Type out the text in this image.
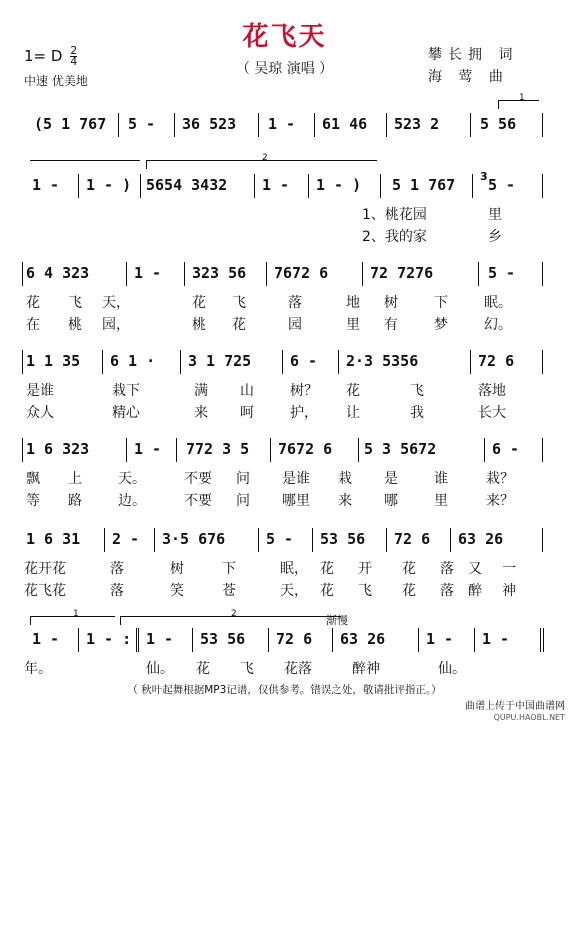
花飞天
（ 吴琼 演唱 ）
1= D $\frac{2}{4}$
中速 优美地
攀长拥 词
海 莺 曲
1

(5 1 767

5 -

36 523

1 -

61 46

523 2

	5 56

2

1 -

1 - )

5654 3432

1 -

1 - )

5 1 767

3

5 -

1、桃花园	里
2、我的家	乡

6 4 323

	1 -

323 56

7672 6

	72 7276

	5 -

花 飞 天，	花 飞	落	地 树	下	眠。
在 桃 园，	桃 花	园	里 有	梦	幻。

1 1 35

6 1 ·

3 1 725

	6 -

2·3 5356

	72 6

是谁	栽下	满 山	树？ 花	飞	落地
众人	精心	来 呵	护， 让	我	长大

1 6 323

	1 -

772 3 5

7672 6

5 3 5672

	6 -

飘 上	天。	不要 问 是谁 栽 是	谁	栽？
等 路	边。	不要 问 哪里 来 哪	里	来？

1 6 31

2 -

3·5 676

	5 -

53 56

72 6

63 26

花开花	落	树	下	眠， 花 开 花 落 又 一
花飞花	落	笑	苍	天， 花 飞 花 落 醉 神
1	2	渐慢

1 -

1 - :

1 -

53 56

72 6

63 26

	1 -

1 -

年。	仙。 花 飞 花落	醉神	仙。
（ 秋叶起舞根据MP3记谱，仅供参考。错误之处，敬请批评指正。）
曲谱上传于中国曲谱网
QUPU.HAOBL.NET
